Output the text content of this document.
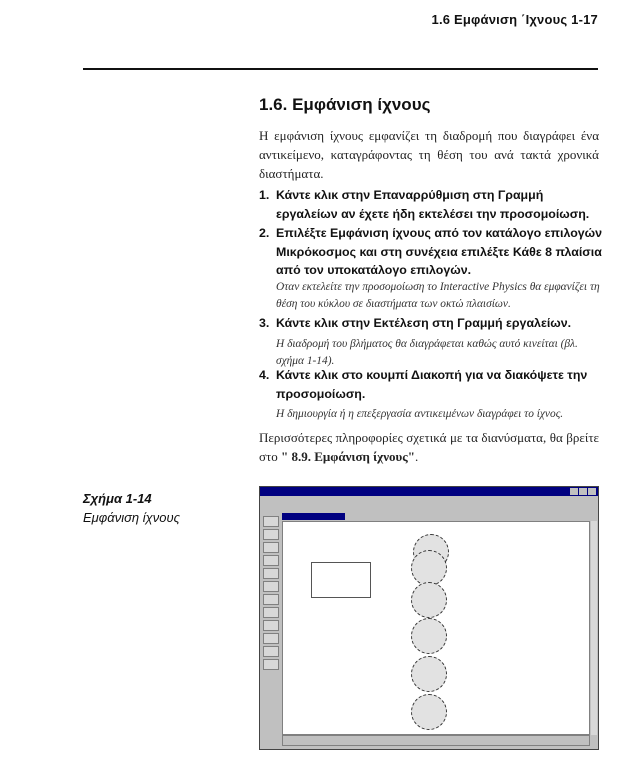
1.6 Εμφάνιση ΄Ιχνους 1-17
1.6. Εμφάνιση ίχνους
Η εμφάνιση ίχνους εμφανίζει τη διαδρομή που διαγράφει ένα αντικείμενο, καταγράφοντας τη θέση του ανά τακτά χρονικά διαστήματα.
1. Κάντε κλικ στην Επαναρρύθμιση στη Γραμμή εργαλείων αν έχετε ήδη εκτελέσει την προσομοίωση.
2. Επιλέξτε Εμφάνιση ίχνους από τον κατάλογο επιλογών Μικρόκοσμος και στη συνέχεια επιλέξτε Κάθε 8 πλαίσια από τον υποκατάλογο επιλογών.
Οταν εκτελείτε την προσομοίωση το Interactive Physics θα εμφανίζει τη θέση του κύκλου σε διαστήματα των οκτώ πλαισίων.
3. Κάντε κλικ στην Εκτέλεση στη Γραμμή εργαλείων.
Η διαδρομή του βλήματος θα διαγράφεται καθώς αυτό κινείται (βλ. σχήμα 1-14).
4. Κάντε κλικ στο κουμπί Διακοπή για να διακόψετε την προσομοίωση.
Η δημιουργία ή η επεξεργασία αντικειμένων διαγράφει το ίχνος.
Περισσότερες πληροφορίες σχετικά με τα διανύσματα, θα βρείτε στο " 8.9. Εμφάνιση ίχνους".
Σχήμα 1-14
Εμφάνιση ίχνους
